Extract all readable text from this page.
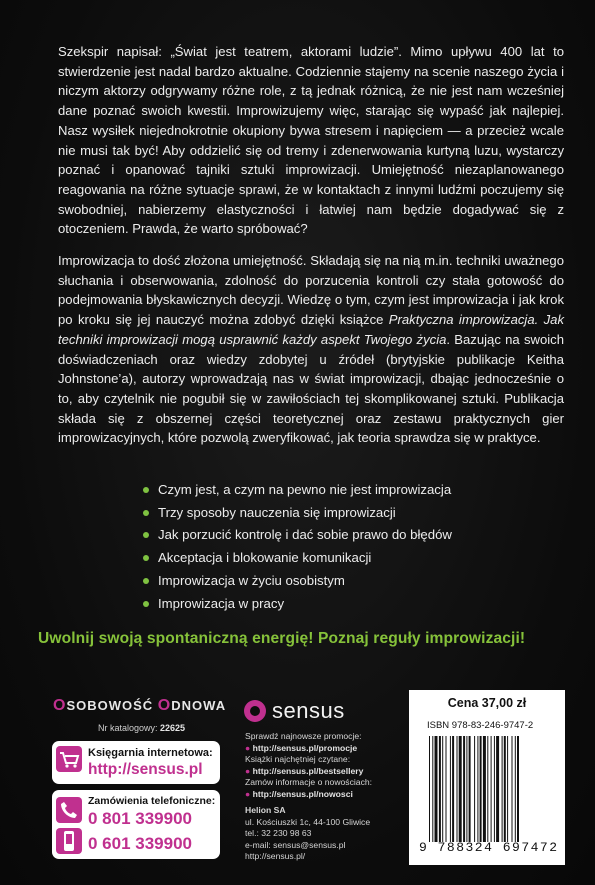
Szekspir napisał: „Świat jest teatrem, aktorami ludzie”. Mimo upływu 400 lat to stwierdzenie jest nadal bardzo aktualne. Codziennie stajemy na scenie naszego życia i niczym aktorzy odgrywamy różne role, z tą jednak różnicą, że nie jest nam wcześniej dane poznać swoich kwestii. Improwizujemy więc, starając się wypaść jak najlepiej. Nasz wysiłek niejednokrotnie okupiony bywa stresem i napięciem — a przecież wcale nie musi tak być! Aby oddzielić się od tremy i zdenerwowania kurtyną luzu, wystarczy poznać i opanować tajniki sztuki improwizacji. Umiejętność niezaplanowanego reagowania na różne sytuacje sprawi, że w kontaktach z innymi ludźmi poczujemy się swobodniej, nabierzemy elastyczności i łatwiej nam będzie dogadywać się z otoczeniem. Prawda, że warto spróbować?

Improwizacja to dość złożona umiejętność. Składają się na nią m.in. techniki uważnego słuchania i obserwowania, zdolność do porzucenia kontroli czy stała gotowość do podejmowania błyskawicznych decyzji. Wiedzę o tym, czym jest improwizacja i jak krok po kroku się jej nauczyć można zdobyć dzięki książce Praktyczna improwizacja. Jak techniki improwizacji mogą usprawnić każdy aspekt Twojego życia. Bazując na swoich doświadczeniach oraz wiedzy zdobytej u źródeł (brytyjskie publikacje Keitha Johnstone’a), autorzy wprowadzają nas w świat improwizacji, dbając jednocześnie o to, aby czytelnik nie pogubił się w zawiłościach tej skomplikowanej sztuki. Publikacja składa się z obszernej części teoretycznej oraz zestawu praktycznych gier improwizacyjnych, które pozwolą zweryfikować, jak teoria sprawdza się w praktyce.

Czym jest, a czym na pewno nie jest improwizacja
Trzy sposoby nauczenia się improwizacji
Jak porzucić kontrolę i dać sobie prawo do błędów
Akceptacja i blokowanie komunikacji
Improwizacja w życiu osobistym
Improwizacja w pracy
Uwolnij swoją spontaniczną energię! Poznaj reguły improwizacji!
OSOBOWOŚĆ ODNOWA
Nr katalogowy: 22625
Księgarnia internetowa:
http://sensus.pl
Zamówienia telefoniczne:
0 801 339900
0 601 339900
sensus
Sprawdź najnowsze promocje:
● http://sensus.pl/promocje
Książki najchętniej czytane:
● http://sensus.pl/bestsellery
Zamów informacje o nowościach:
● http://sensus.pl/nowosci
Helion SA
ul. Kościuszki 1c, 44-100 Gliwice
tel.: 32 230 98 63
e-mail: sensus@sensus.pl
http://sensus.pl/
Cena 37,00 zł
ISBN 978-83-246-9747-2
9 788324 697472
